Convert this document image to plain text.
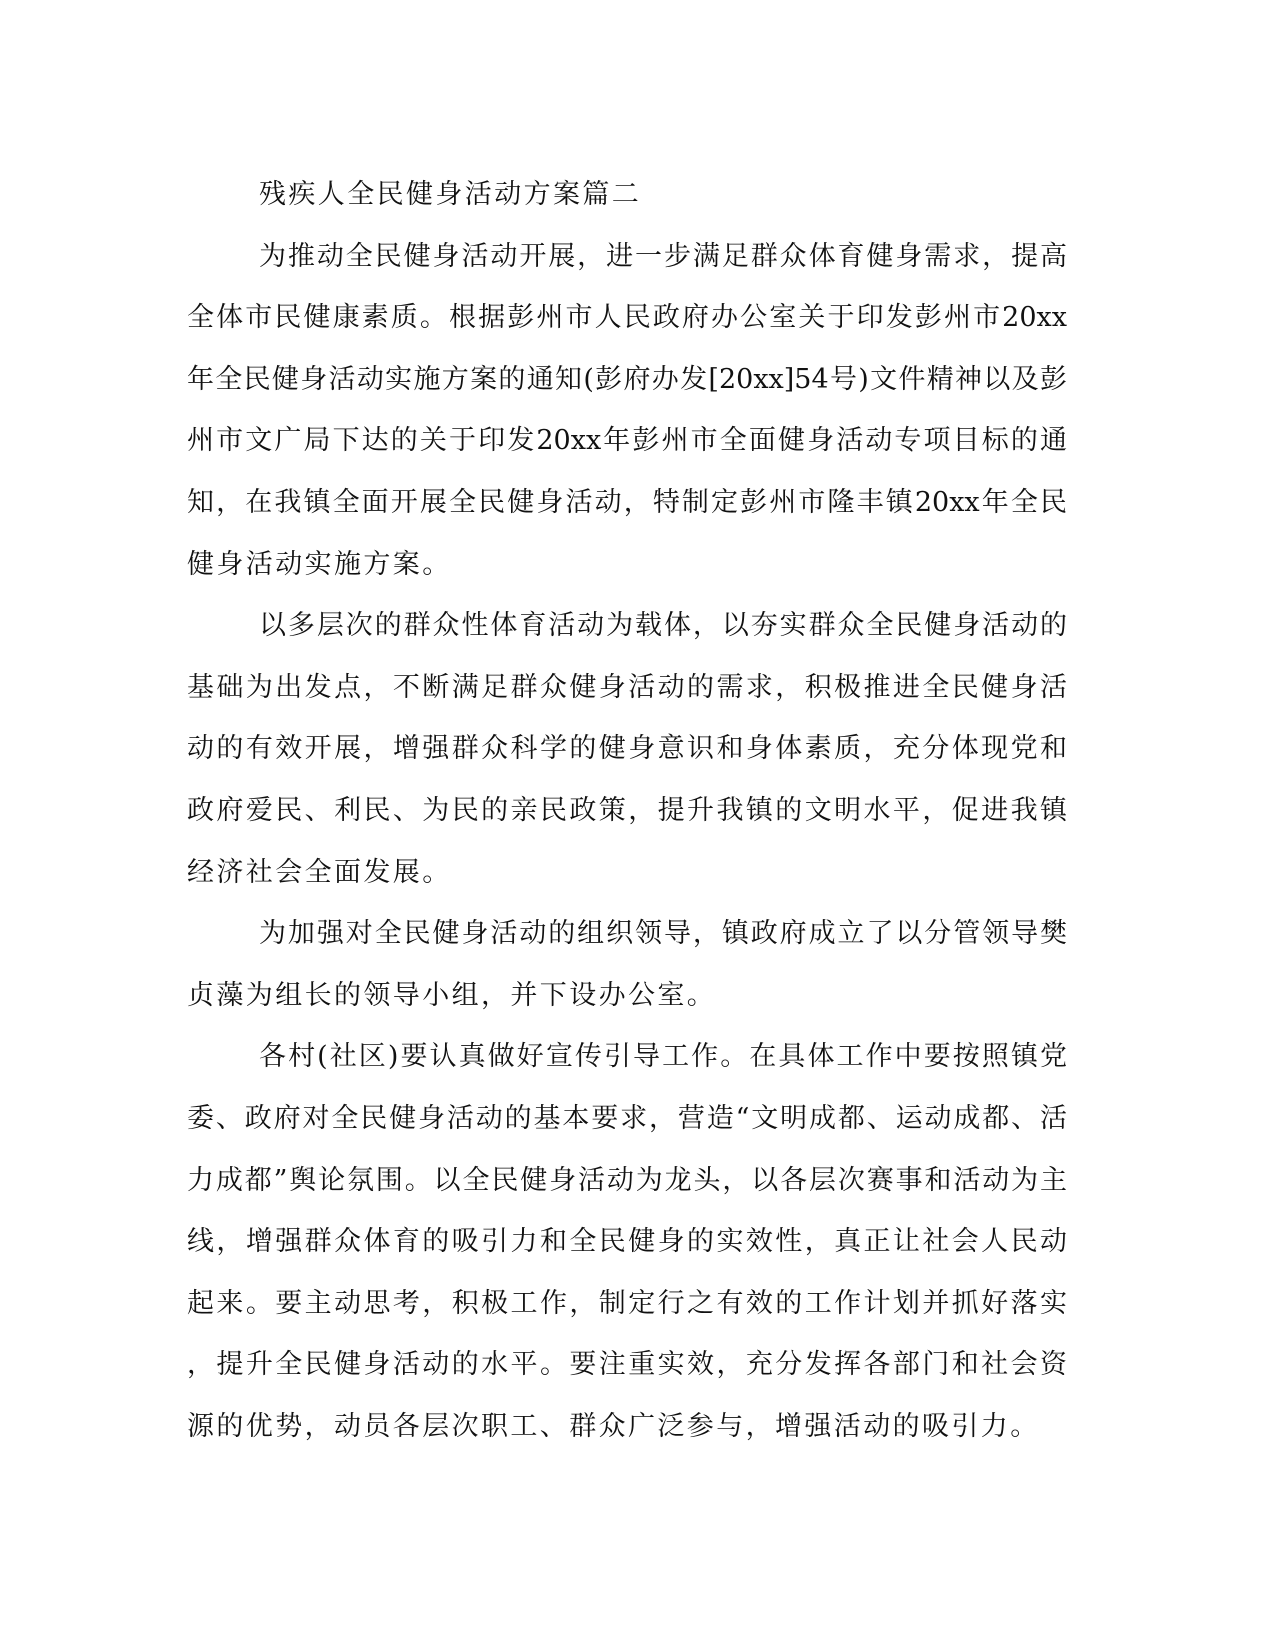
残疾人全民健身活动方案篇二
为推动全民健身活动开展，进一步满足群众体育健身需求，提高
全体市民健康素质。根据彭州市人民政府办公室关于印发彭州市20xx
年全民健身活动实施方案的通知(彭府办发[20xx]54号)文件精神以及彭
州市文广局下达的关于印发20xx年彭州市全面健身活动专项目标的通
知，在我镇全面开展全民健身活动，特制定彭州市隆丰镇20xx年全民
健身活动实施方案。
以多层次的群众性体育活动为载体，以夯实群众全民健身活动的
基础为出发点，不断满足群众健身活动的需求，积极推进全民健身活
动的有效开展，增强群众科学的健身意识和身体素质，充分体现党和
政府爱民、利民、为民的亲民政策，提升我镇的文明水平，促进我镇
经济社会全面发展。
为加强对全民健身活动的组织领导，镇政府成立了以分管领导樊
贞藻为组长的领导小组，并下设办公室。
各村(社区)要认真做好宣传引导工作。在具体工作中要按照镇党
委、政府对全民健身活动的基本要求，营造“文明成都、运动成都、活
力成都”舆论氛围。以全民健身活动为龙头，以各层次赛事和活动为主
线，增强群众体育的吸引力和全民健身的实效性，真正让社会人民动
起来。要主动思考，积极工作，制定行之有效的工作计划并抓好落实
，提升全民健身活动的水平。要注重实效，充分发挥各部门和社会资
源的优势，动员各层次职工、群众广泛参与，增强活动的吸引力。
